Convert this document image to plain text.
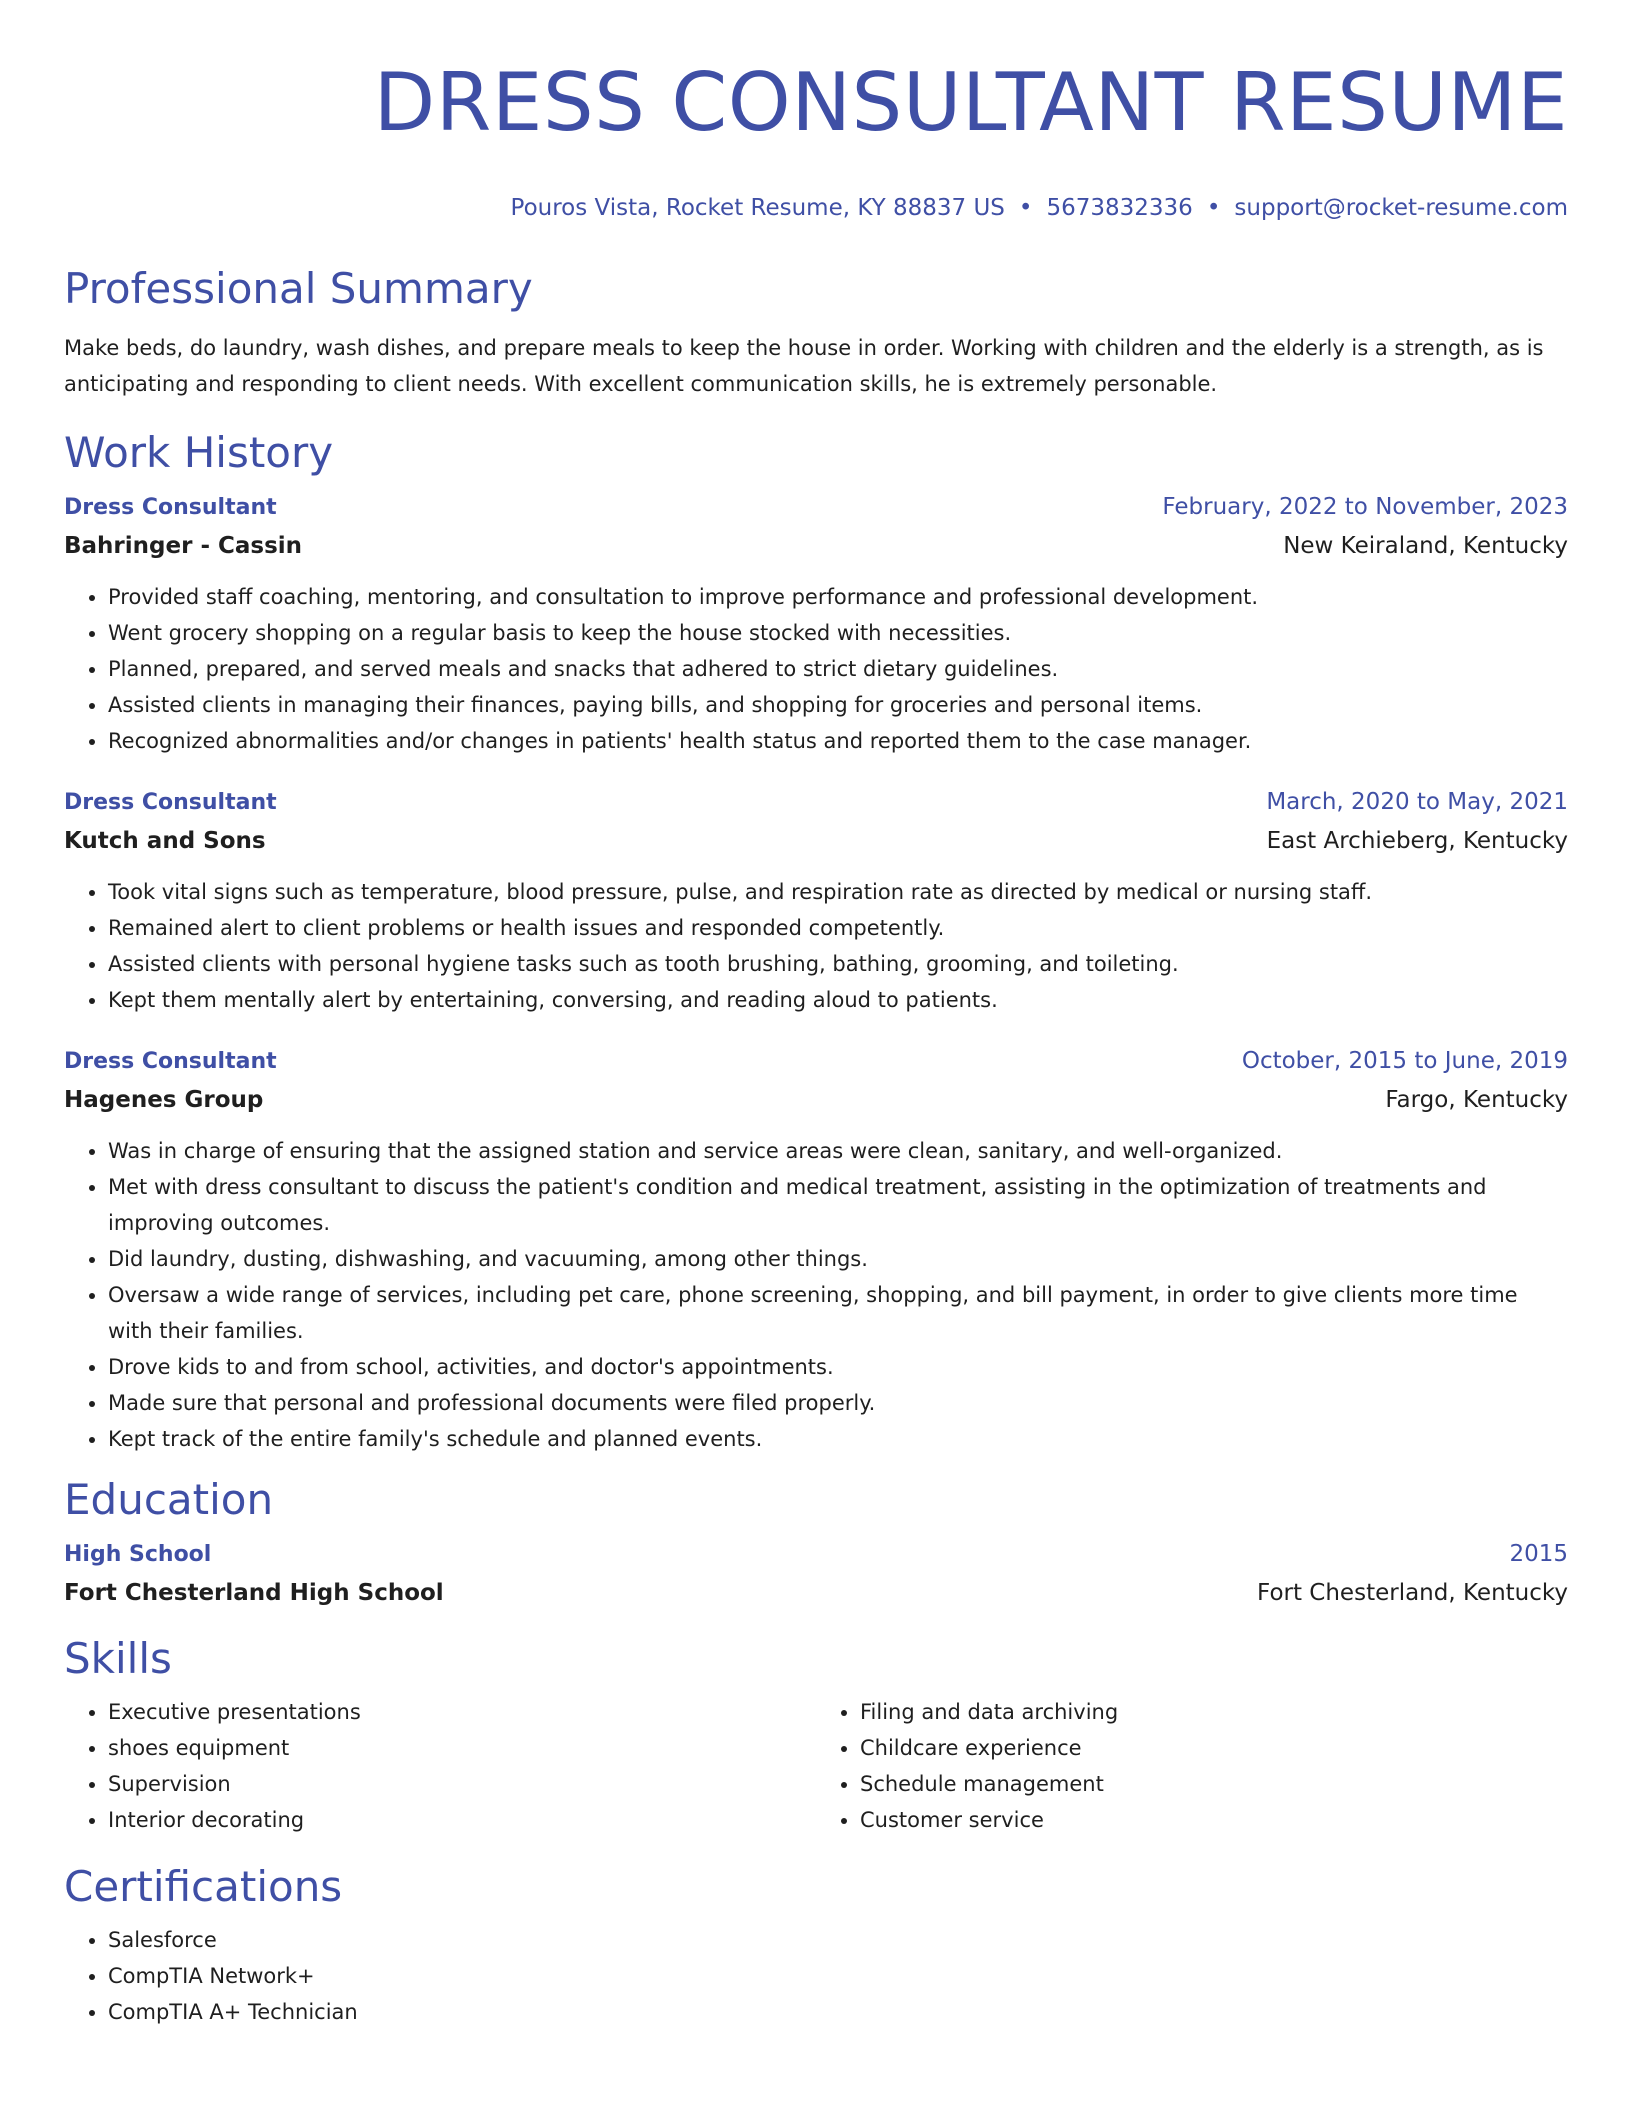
DRESS CONSULTANT RESUME
Pouros Vista, Rocket Resume, KY 88837 US • 5673832336 • support@rocket-resume.com
Professional Summary
Make beds, do laundry, wash dishes, and prepare meals to keep the house in order. Working with children and the elderly is a strength, as is anticipating and responding to client needs. With excellent communication skills, he is extremely personable.
Work History
Dress Consultant	February, 2022 to November, 2023
Bahringer - Cassin	New Keiraland, Kentucky
• Provided staff coaching, mentoring, and consultation to improve performance and professional development.
• Went grocery shopping on a regular basis to keep the house stocked with necessities.
• Planned, prepared, and served meals and snacks that adhered to strict dietary guidelines.
• Assisted clients in managing their finances, paying bills, and shopping for groceries and personal items.
• Recognized abnormalities and/or changes in patients' health status and reported them to the case manager.
Dress Consultant	March, 2020 to May, 2021
Kutch and Sons	East Archieberg, Kentucky
• Took vital signs such as temperature, blood pressure, pulse, and respiration rate as directed by medical or nursing staff.
• Remained alert to client problems or health issues and responded competently.
• Assisted clients with personal hygiene tasks such as tooth brushing, bathing, grooming, and toileting.
• Kept them mentally alert by entertaining, conversing, and reading aloud to patients.
Dress Consultant	October, 2015 to June, 2019
Hagenes Group	Fargo, Kentucky
• Was in charge of ensuring that the assigned station and service areas were clean, sanitary, and well-organized.
• Met with dress consultant to discuss the patient's condition and medical treatment, assisting in the optimization of treatments and improving outcomes.
• Did laundry, dusting, dishwashing, and vacuuming, among other things.
• Oversaw a wide range of services, including pet care, phone screening, shopping, and bill payment, in order to give clients more time with their families.
• Drove kids to and from school, activities, and doctor's appointments.
• Made sure that personal and professional documents were filed properly.
• Kept track of the entire family's schedule and planned events.
Education
High School	2015
Fort Chesterland High School	Fort Chesterland, Kentucky
Skills
• Executive presentations
• shoes equipment
• Supervision
• Interior decorating
• Filing and data archiving
• Childcare experience
• Schedule management
• Customer service
Certifications
• Salesforce
• CompTIA Network+
• CompTIA A+ Technician
